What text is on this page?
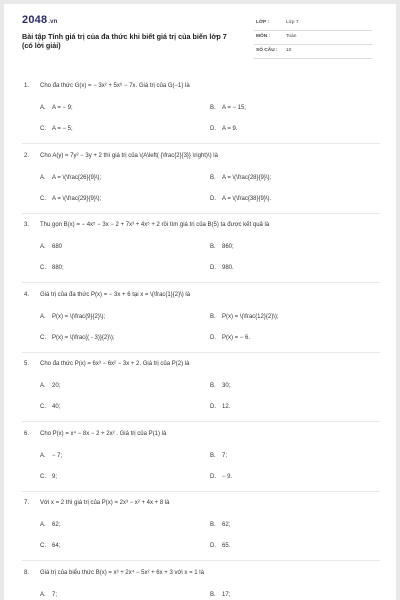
2048.vn
Bài tập Tính giá trị của đa thức khi biết giá trị của biến lớp 7 (có lời giải)
LỚP :	Lớp 7
MÔN :	Toán
SỐ CÂU : 10
1. Cho đa thức G(x) = − 3x² + 5x⁶ − 7x. Giá trị của G(−1) là
A. A = − 9;	B. A = − 15;
C. A = − 5;	D. A = 9.
2. Cho A(y) = 7y² − 3y + 2 thì giá trị của \(A\left( {\frac{2}{3}} \right)\) là
A. A = \(\frac{26}{9}\);	B. A = \(\frac{28}{9}\);
C. A = \(\frac{29}{9}\);	D. A = \(\frac{38}{9}\).
3. Thu gọn B(x) = − 4x⁵ − 3x − 2 + 7x³ + 4x⁵ + 2 rồi tìm giá trị của B(5) ta được kết quả là
A. 680	B. 860;
C. 880;	D. 980.
4. Giá trị của đa thức P(x) = − 3x + 6 tại x = \(\frac{1}{2}\) là
A. P(x) = \(\frac{9}{2}\);	B. P(x) = \(\frac{12}{2}\);
C. P(x) = \(\frac{( - 3)}{2}\);	D. P(x) = − 6.
5. Cho đa thức P(x) = 6x³ − 6x² − 3x + 2. Giá trị của P(2) là
A. 20;	B. 30;
C. 40;	D. 12.
6. Cho P(x) = x⁴ − 8x − 2 + 2x² . Giá trị của P(1) là
A. − 7;	B. 7;
C. 9;	D. − 9.
7. Với x = 2 thì giá trị của P(x) = 2x³ − x² + 4x + 8 là
A. 62;	B. 62;
C. 64;	D. 65.
8. Giá trị của biểu thức B(x) = x³ + 2x⁴ − 5x² + 6x + 3 với x = 1 là
A. 7;	B. 17;
